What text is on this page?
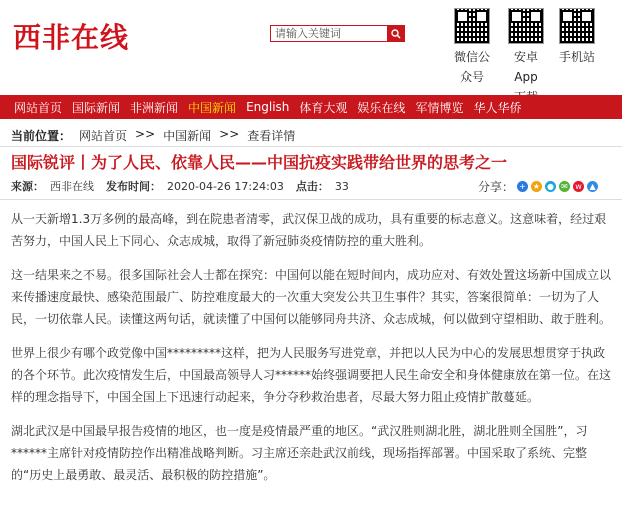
西非在线
请输入关键词
微信公
众号
安卓App
手机站
网站首页 国际新闻 非洲新闻 中国新闻 English 体育大观 娱乐在线 军情博览 华人华侨
当前位置： 网站首页 >> 中国新闻 >> 查看详情
国际锐评丨为了人民、依靠人民——中国抗疫实践带给世界的思考之一
来源： 西非在线 发布时间： 2020-04-26 17:24:03 点击： 33	分享： + ★ ● ✉ w ▲

从一天新增1.3万多例的最高峰，到在院患者清零，武汉保卫战的成功，具有重要的标志意义。这意味着，经过艰苦努力，中国人民上下同心、众志成城，取得了新冠肺炎疫情防控的重大胜利。

这一结果来之不易。很多国际社会人士都在探究：中国何以能在短时间内，成功应对、有效处置这场新中国成立以来传播速度最快、感染范围最广、防控难度最大的一次重大突发公共卫生事件？其实，答案很简单：一切为了人民，一切依靠人民。读懂这两句话，就读懂了中国何以能够同舟共济、众志成城，何以做到守望相助、敢于胜利。

世界上很少有哪个政党像中国*********这样，把为人民服务写进党章，并把以人民为中心的发展思想贯穿于执政的各个环节。此次疫情发生后，中国最高领导人习******始终强调要把人民生命安全和身体健康放在第一位。在这样的理念指导下，中国全国上下迅速行动起来，争分夺秒救治患者，尽最大努力阻止疫情扩散蔓延。

湖北武汉是中国最早报告疫情的地区，也一度是疫情最严重的地区。“武汉胜则湖北胜，湖北胜则全国胜”，习******主席针对疫情防控作出精准战略判断。习主席还亲赴武汉前线，现场指挥部署。中国采取了系统、完整的“历史上最勇敢、最灵活、最积极的防控措施”。
